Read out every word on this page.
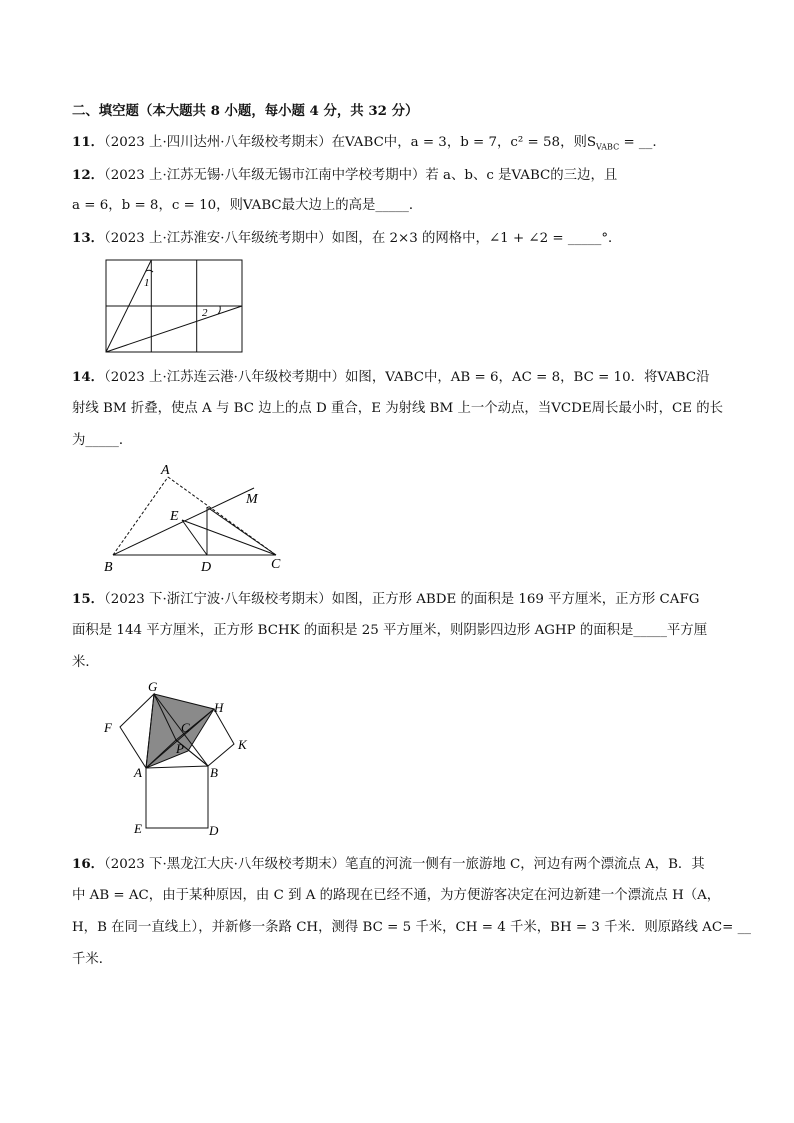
二、填空题（本大题共 8 小题，每小题 4 分，共 32 分）
11．（2023 上·四川达州·八年级校考期末）在VABC中，a = 3，b = 7，c² = 58，则$S_{VABC}$ = __.
12．（2023 上·江苏无锡·八年级无锡市江南中学校考期中）若 a、b、c 是VABC的三边，且
a = 6，b = 8，c = 10，则VABC最大边上的高是_____．
13．（2023 上·江苏淮安·八年级统考期中）如图，在 2×3 的网格中，∠1 + ∠2 = _____°．
1
2
14．（2023 上·江苏连云港·八年级校考期中）如图，VABC中，AB = 6，AC = 8，BC = 10．将VABC沿
射线 BM 折叠，使点 A 与 BC 边上的点 D 重合，E 为射线 BM 上一个动点，当VCDE周长最小时，CE 的长
为_____．
A
M
E
B	D	C
15．（2023 下·浙江宁波·八年级校考期末）如图，正方形 ABDE 的面积是 169 平方厘米，正方形 CAFG
面积是 144 平方厘米，正方形 BCHK 的面积是 25 平方厘米，则阴影四边形 AGHP 的面积是_____平方厘
米．
G
H
F	C
P	K
A	B
E	D
16．（2023 下·黑龙江大庆·八年级校考期末）笔直的河流一侧有一旅游地 C，河边有两个漂流点 A，B．其
中 AB = AC，由于某种原因，由 C 到 A 的路现在已经不通，为方便游客决定在河边新建一个漂流点 H（A，
H，B 在同一直线上），并新修一条路 CH，测得 BC = 5 千米，CH = 4 千米，BH = 3 千米．则原路线 AC= __
千米．
